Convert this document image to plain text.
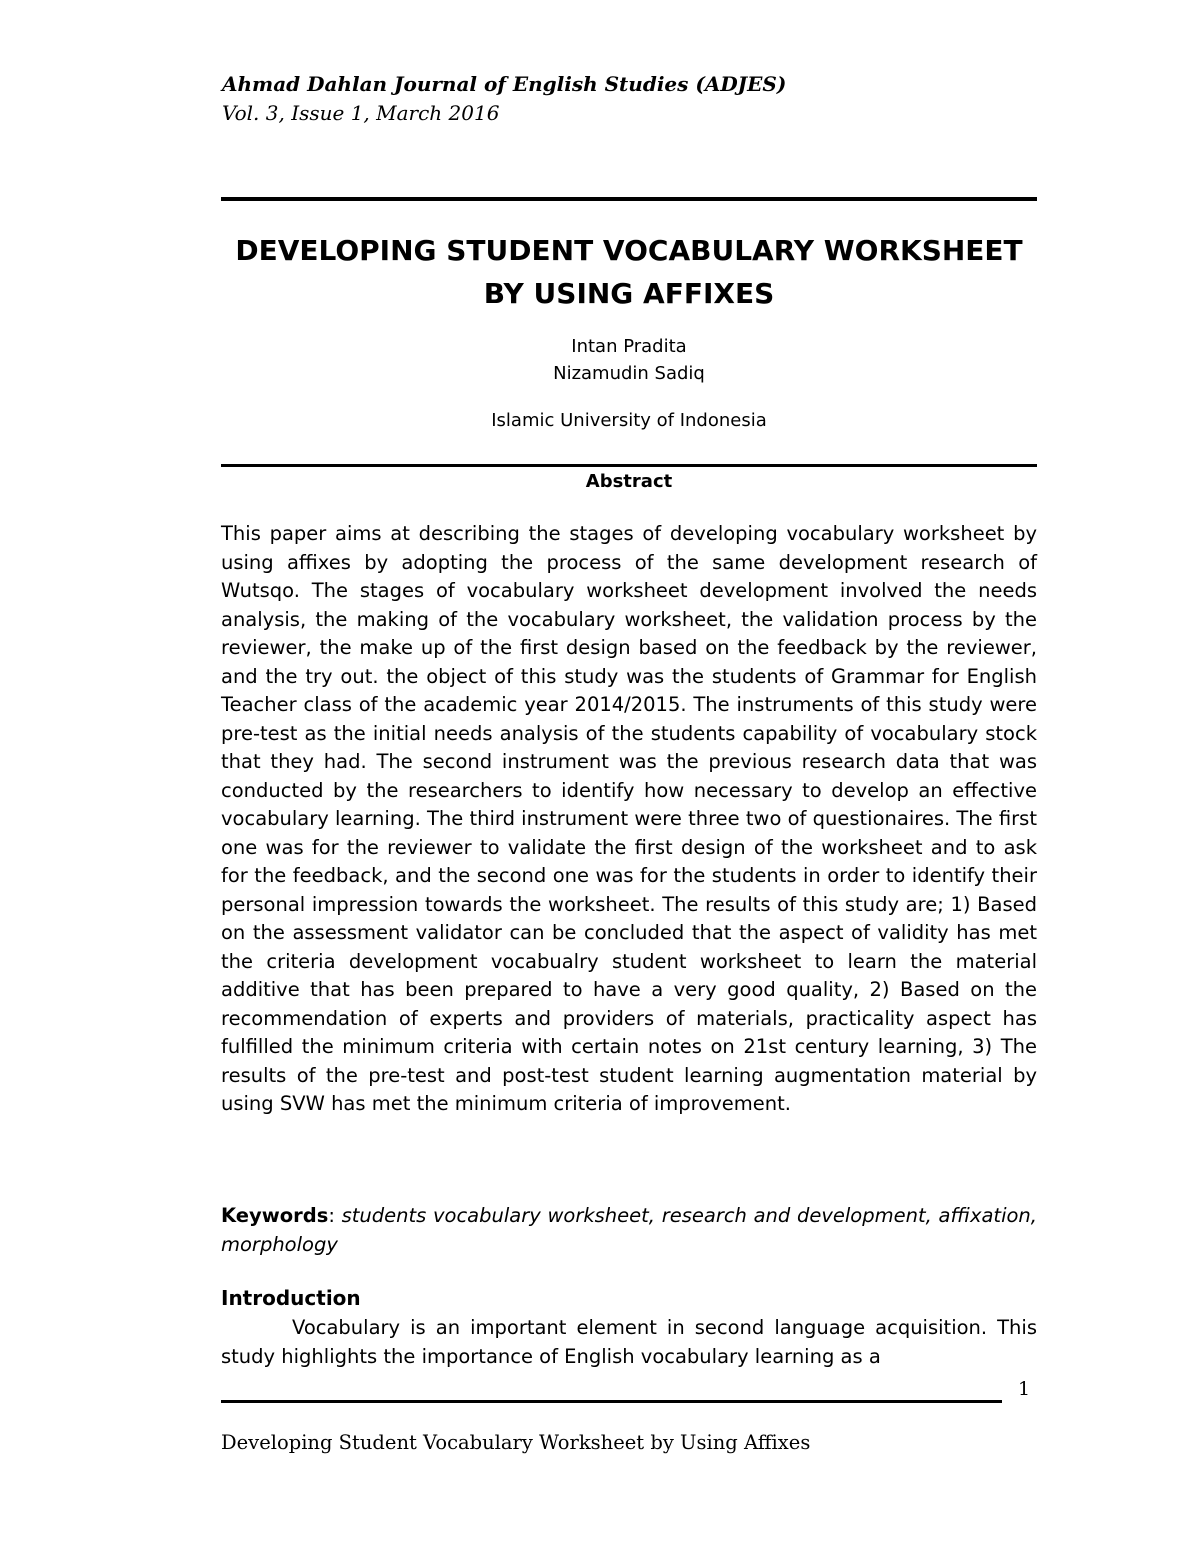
Ahmad Dahlan Journal of English Studies (ADJES)
Vol. 3, Issue 1, March 2016
DEVELOPING STUDENT VOCABULARY WORKSHEET
BY USING AFFIXES
Intan Pradita
Nizamudin Sadiq
Islamic University of Indonesia
Abstract
This paper aims at describing the stages of developing vocabulary worksheet by using affixes by adopting the process of the same development research of Wutsqo. The stages of vocabulary worksheet development involved the needs analysis, the making of the vocabulary worksheet, the validation process by the reviewer, the make up of the first design based on the feedback by the reviewer, and the try out. the object of this study was the students of Grammar for English Teacher class of the academic year 2014/2015. The instruments of this study were pre-test as the initial needs analysis of the students capability of vocabulary stock that they had. The second instrument was the previous research data that was conducted by the researchers to identify how necessary to develop an effective vocabulary learning. The third instrument were three two of questionaires. The first one was for the reviewer to validate the first design of the worksheet and to ask for the feedback, and the second one was for the students in order to identify their personal impression towards the worksheet. The results of this study are; 1) Based on the assessment validator can be concluded that the aspect of validity has met the criteria development vocabualry student worksheet to learn the material additive that has been prepared to have a very good quality, 2) Based on the recommendation of experts and providers of materials, practicality aspect has fulfilled the minimum criteria with certain notes on 21st century learning, 3) The results of the pre-test and post-test student learning augmentation material by using SVW has met the minimum criteria of improvement.
Keywords: students vocabulary worksheet, research and development, affixation, morphology
Introduction
Vocabulary is an important element in second language acquisition. This study highlights the importance of English vocabulary learning as a
1
Developing Student Vocabulary Worksheet by Using Affixes
